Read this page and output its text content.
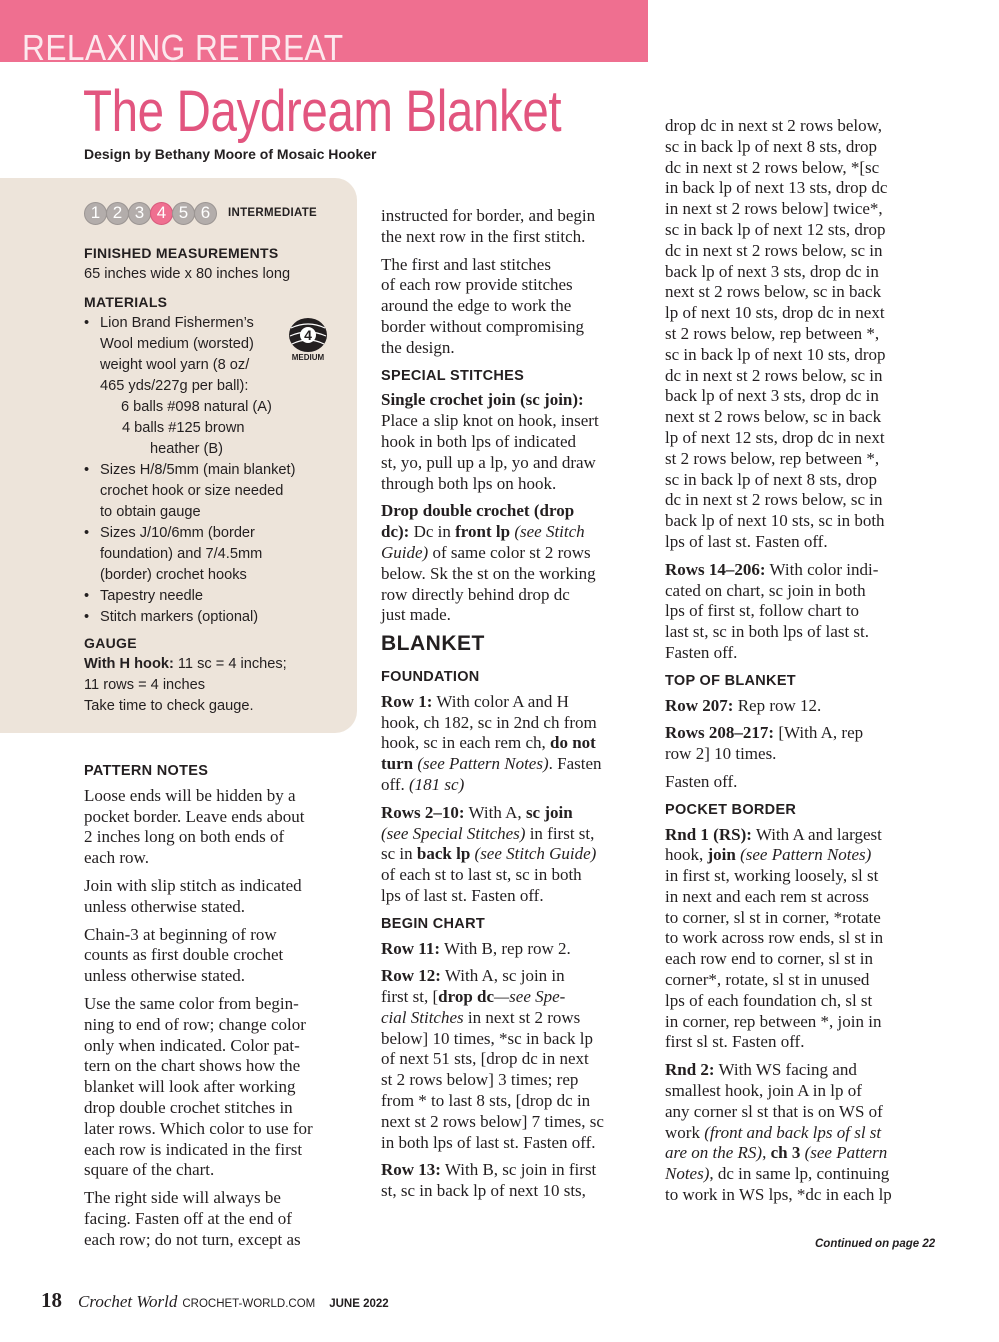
RELAXING RETREAT
The Daydream Blanket
Design by Bethany Moore of Mosaic Hooker
1 2 3 4 5 6	INTERMEDIATE
FINISHED MEASUREMENTS
65 inches wide x 80 inches long
MATERIALS
• Lion Brand Fishermen’s
Wool medium (worsted)
weight wool yarn (8 oz/
465 yds/227g per ball):
6 balls #098 natural (A)
4 balls #125 brown
heather (B)
• Sizes H/8/5mm (main blanket)
crochet hook or size needed
to obtain gauge
• Sizes J/10/6mm (border
foundation) and 7/4.5mm
(border) crochet hooks
• Tapestry needle
• Stitch markers (optional)
4
MEDIUM
GAUGE
With H hook: 11 sc = 4 inches;
11 rows = 4 inches
Take time to check gauge.
PATTERN NOTES

Loose ends will be hidden by a
pocket border. Leave ends about
2 inches long on both ends of
each row.

Join with slip stitch as indicated
unless otherwise stated.

Chain-3 at beginning of row
counts as first double crochet
unless otherwise stated.

Use the same color from begin-
ning to end of row; change color
only when indicated. Color pat-
tern on the chart shows how the
blanket will look after working
drop double crochet stitches in
later rows. Which color to use for
each row is indicated in the first
square of the chart.

The right side will always be
facing. Fasten off at the end of
each row; do not turn, except as

instructed for border, and begin
the next row in the first stitch.

The first and last stitches
of each row provide stitches
around the edge to work the
border without compromising
the design.

SPECIAL STITCHES

Single crochet join (sc join):
Place a slip knot on hook, insert
hook in both lps of indicated
st, yo, pull up a lp, yo and draw
through both lps on hook.

Drop double crochet (drop
dc): Dc in front lp (see Stitch
Guide) of same color st 2 rows
below. Sk the st on the working
row directly behind drop dc
just made.

BLANKET
FOUNDATION

Row 1: With color A and H
hook, ch 182, sc in 2nd ch from
hook, sc in each rem ch, do not
turn (see Pattern Notes). Fasten
off. (181 sc)

Rows 2–10: With A, sc join
(see Special Stitches) in first st,
sc in back lp (see Stitch Guide)
of each st to last st, sc in both
lps of last st. Fasten off.

BEGIN CHART

Row 11: With B, rep row 2.

Row 12: With A, sc join in
first st, [drop dc—see Spe-
cial Stitches in next st 2 rows
below] 10 times, *sc in back lp
of next 51 sts, [drop dc in next
st 2 rows below] 3 times; rep
from * to last 8 sts, [drop dc in
next st 2 rows below] 7 times, sc
in both lps of last st. Fasten off.

Row 13: With B, sc join in first
st, sc in back lp of next 10 sts,

drop dc in next st 2 rows below,
sc in back lp of next 8 sts, drop
dc in next st 2 rows below, *[sc
in back lp of next 13 sts, drop dc
in next st 2 rows below] twice*,
sc in back lp of next 12 sts, drop
dc in next st 2 rows below, sc in
back lp of next 3 sts, drop dc in
next st 2 rows below, sc in back
lp of next 10 sts, drop dc in next
st 2 rows below, rep between *,
sc in back lp of next 10 sts, drop
dc in next st 2 rows below, sc in
back lp of next 3 sts, drop dc in
next st 2 rows below, sc in back
lp of next 12 sts, drop dc in next
st 2 rows below, rep between *,
sc in back lp of next 8 sts, drop
dc in next st 2 rows below, sc in
back lp of next 10 sts, sc in both
lps of last st. Fasten off.

Rows 14–206: With color indi-
cated on chart, sc join in both
lps of first st, follow chart to
last st, sc in both lps of last st.
Fasten off.

TOP OF BLANKET

Row 207: Rep row 12.

Rows 208–217: [With A, rep
row 2] 10 times.

Fasten off.

POCKET BORDER

Rnd 1 (RS): With A and largest
hook, join (see Pattern Notes)
in first st, working loosely, sl st
in next and each rem st across
to corner, sl st in corner, *rotate
to work across row ends, sl st in
each row end to corner, sl st in
corner*, rotate, sl st in unused
lps of each foundation ch, sl st
in corner, rep between *, join in
first sl st. Fasten off.

Rnd 2: With WS facing and
smallest hook, join A in lp of
any corner sl st that is on WS of
work (front and back lps of sl st
are on the RS), ch 3 (see Pattern
Notes), dc in same lp, continuing
to work in WS lps, *dc in each lp

Continued on page 22
18 Crochet World CROCHET-WORLD.COM JUNE 2022
